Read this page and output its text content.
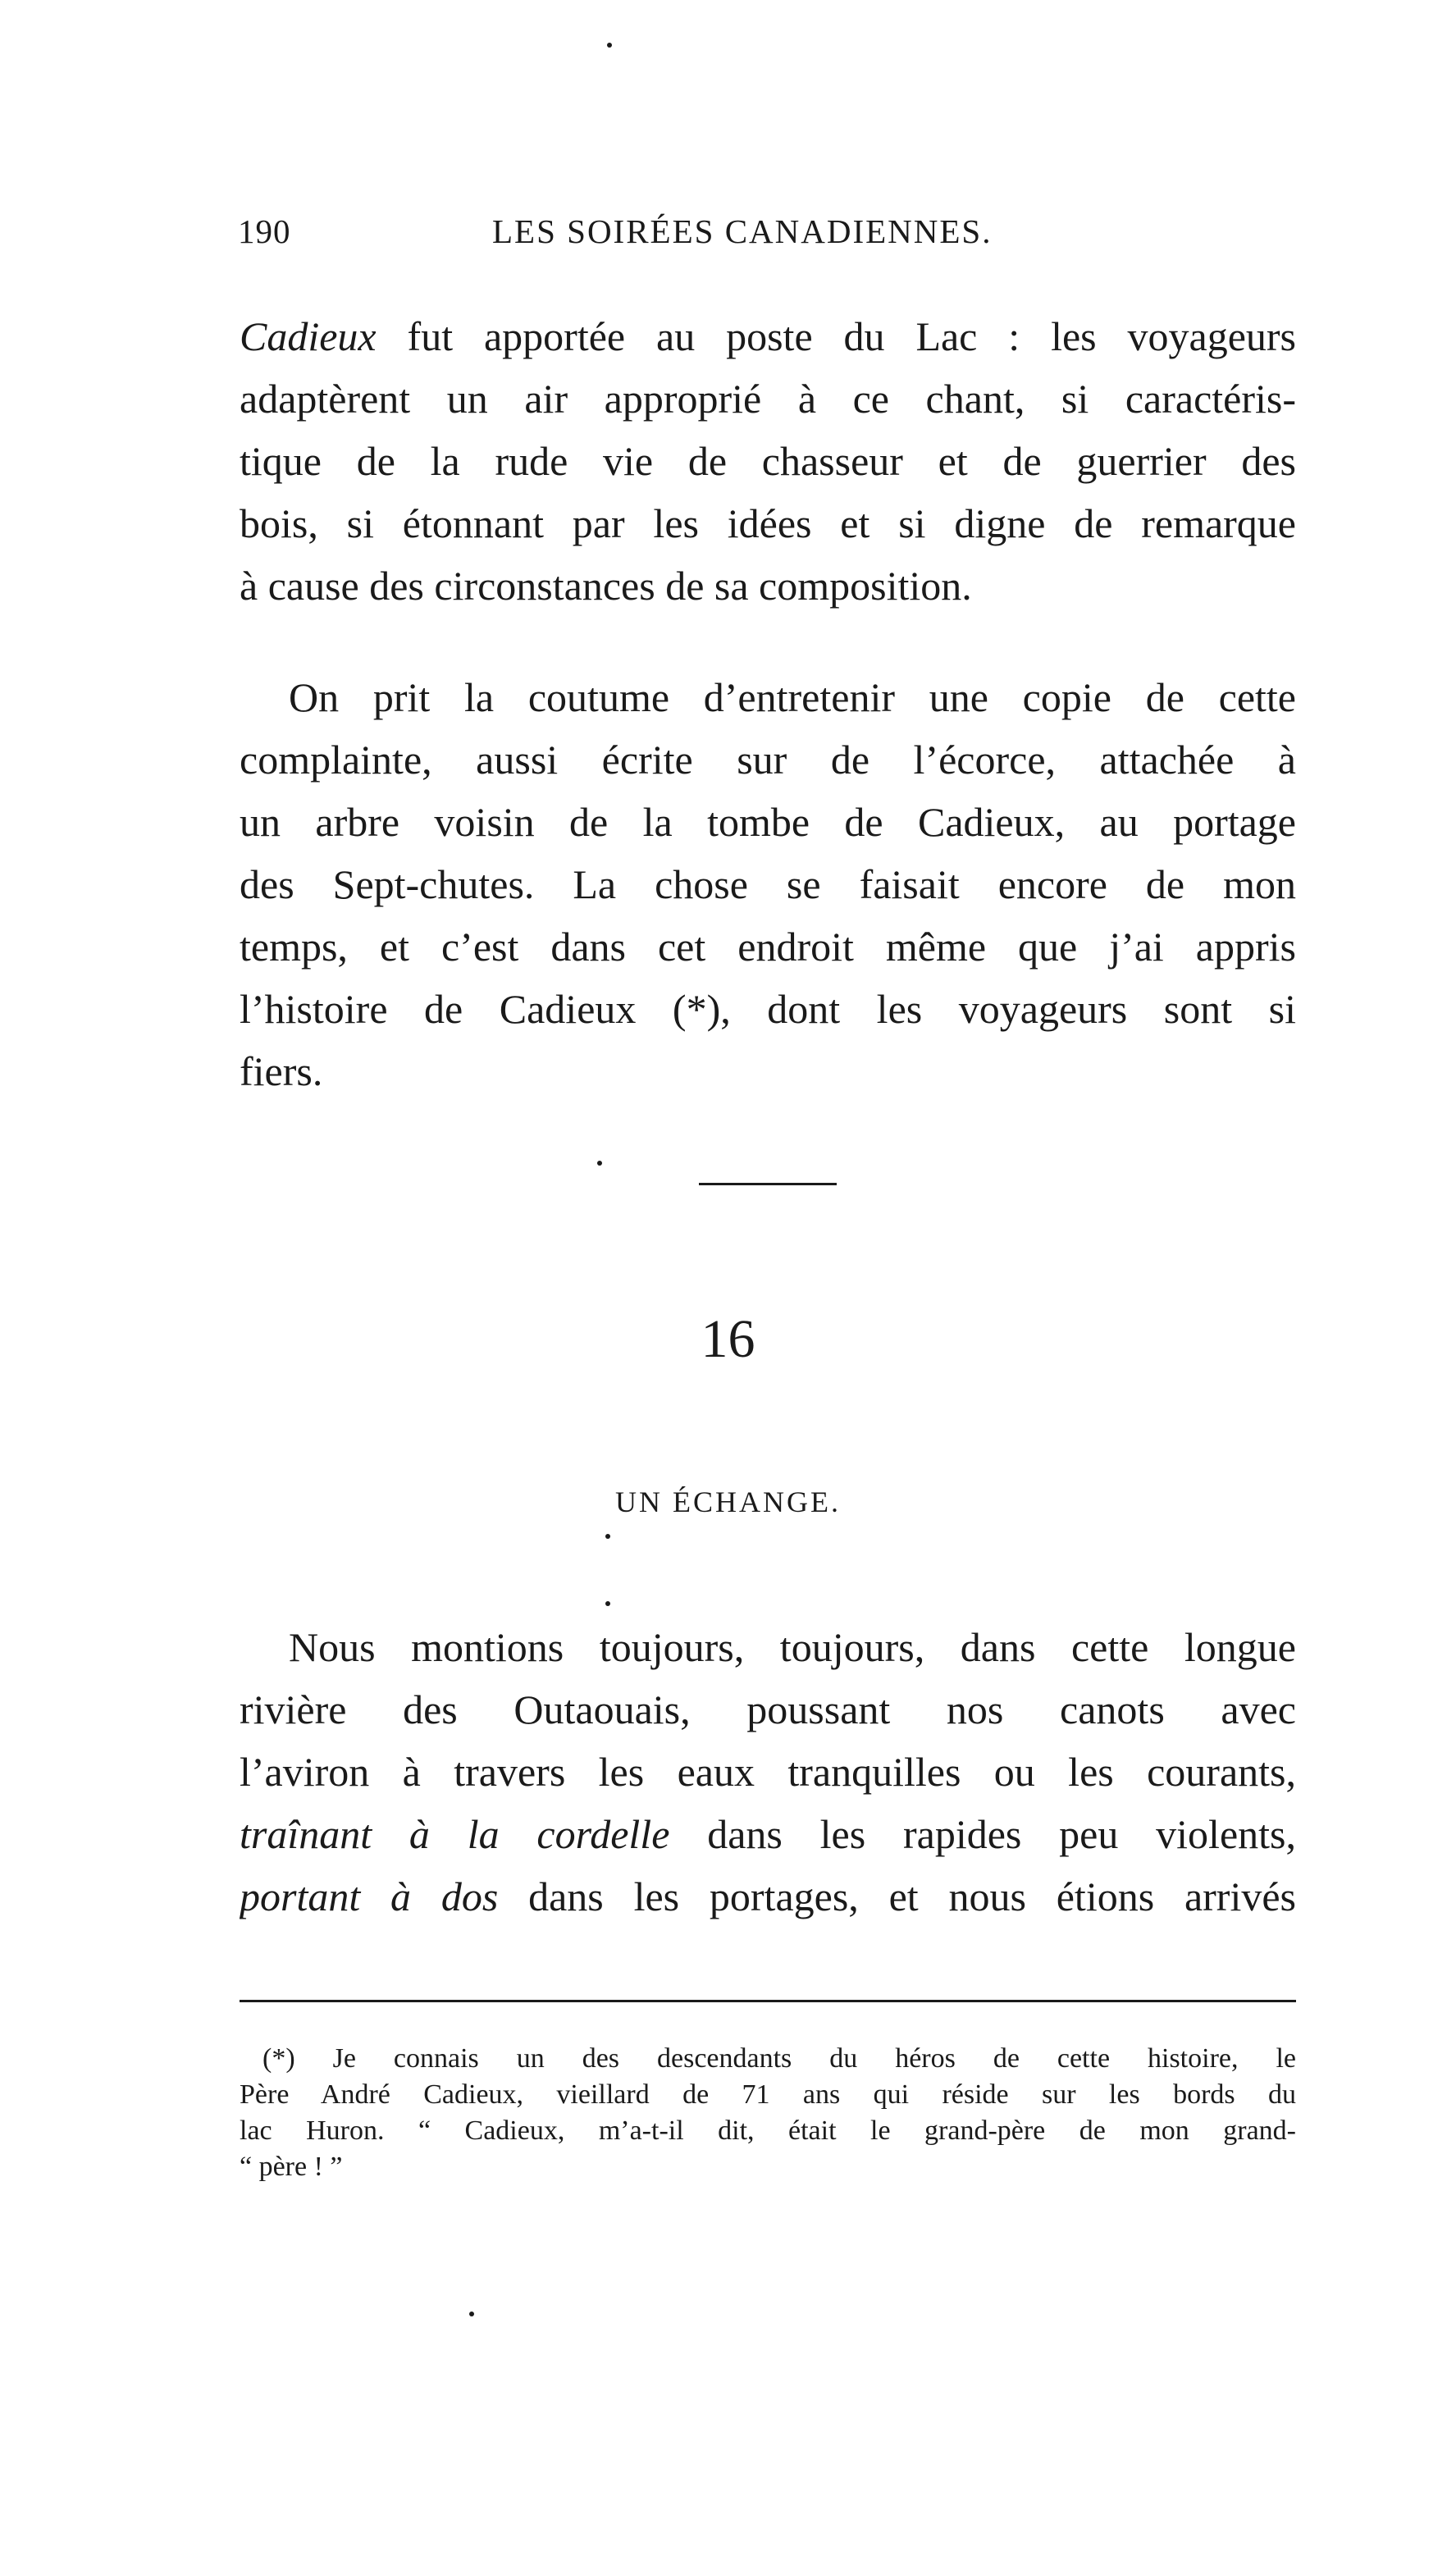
190	LES SOIRÉES CANADIENNES.
Cadieux fut apportée au poste du Lac : les voyageurs
adaptèrent un air approprié à ce chant, si caractéris-
tique de la rude vie de chasseur et de guerrier des
bois, si étonnant par les idées et si digne de remarque
à cause des circonstances de sa composition.
On prit la coutume d’entretenir une copie de cette
complainte, aussi écrite sur de l’écorce, attachée à
un arbre voisin de la tombe de Cadieux, au portage
des Sept-chutes. La chose se faisait encore de mon
temps, et c’est dans cet endroit même que j’ai appris
l’histoire de Cadieux (*), dont les voyageurs sont si
fiers.
16
UN ÉCHANGE.
Nous montions toujours, toujours, dans cette longue
rivière des Outaouais, poussant nos canots avec
l’aviron à travers les eaux tranquilles ou les courants,
traînant à la cordelle dans les rapides peu violents,
portant à dos dans les portages, et nous étions arrivés
(*) Je connais un des descendants du héros de cette histoire, le
Père André Cadieux, vieillard de 71 ans qui réside sur les bords du
lac Huron. “ Cadieux, m’a-t-il dit, était le grand-père de mon grand-
“ père ! ”
